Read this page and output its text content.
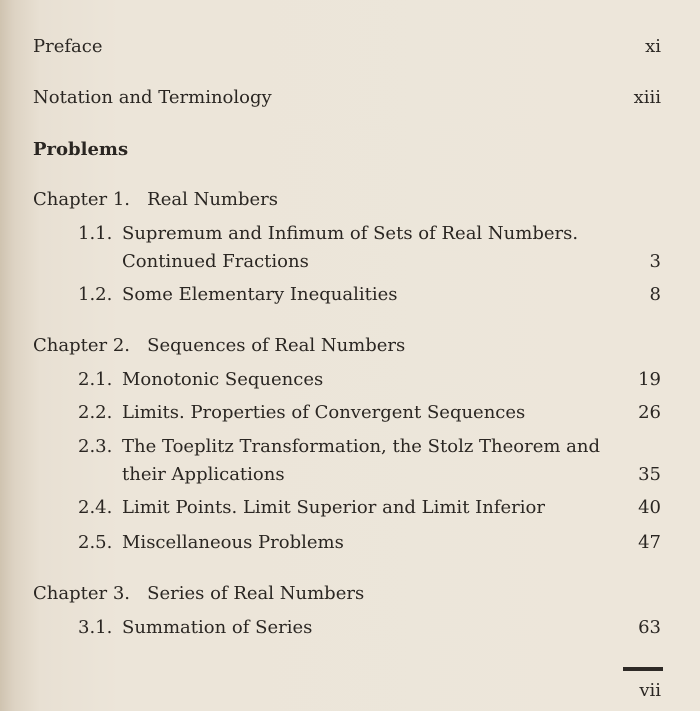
Preface	xi
Notation and Terminology	xiii
Problems
Chapter 1.   Real Numbers
1.1. Supremum and Infimum of Sets of Real Numbers.
Continued Fractions	3
1.2. Some Elementary Inequalities	8
Chapter 2.   Sequences of Real Numbers
2.1. Monotonic Sequences	19
2.2. Limits. Properties of Convergent Sequences	26
2.3. The Toeplitz Transformation, the Stolz Theorem and
their Applications	35
2.4. Limit Points. Limit Superior and Limit Inferior	40
2.5. Miscellaneous Problems	47
Chapter 3.   Series of Real Numbers
3.1. Summation of Series	63
vii
